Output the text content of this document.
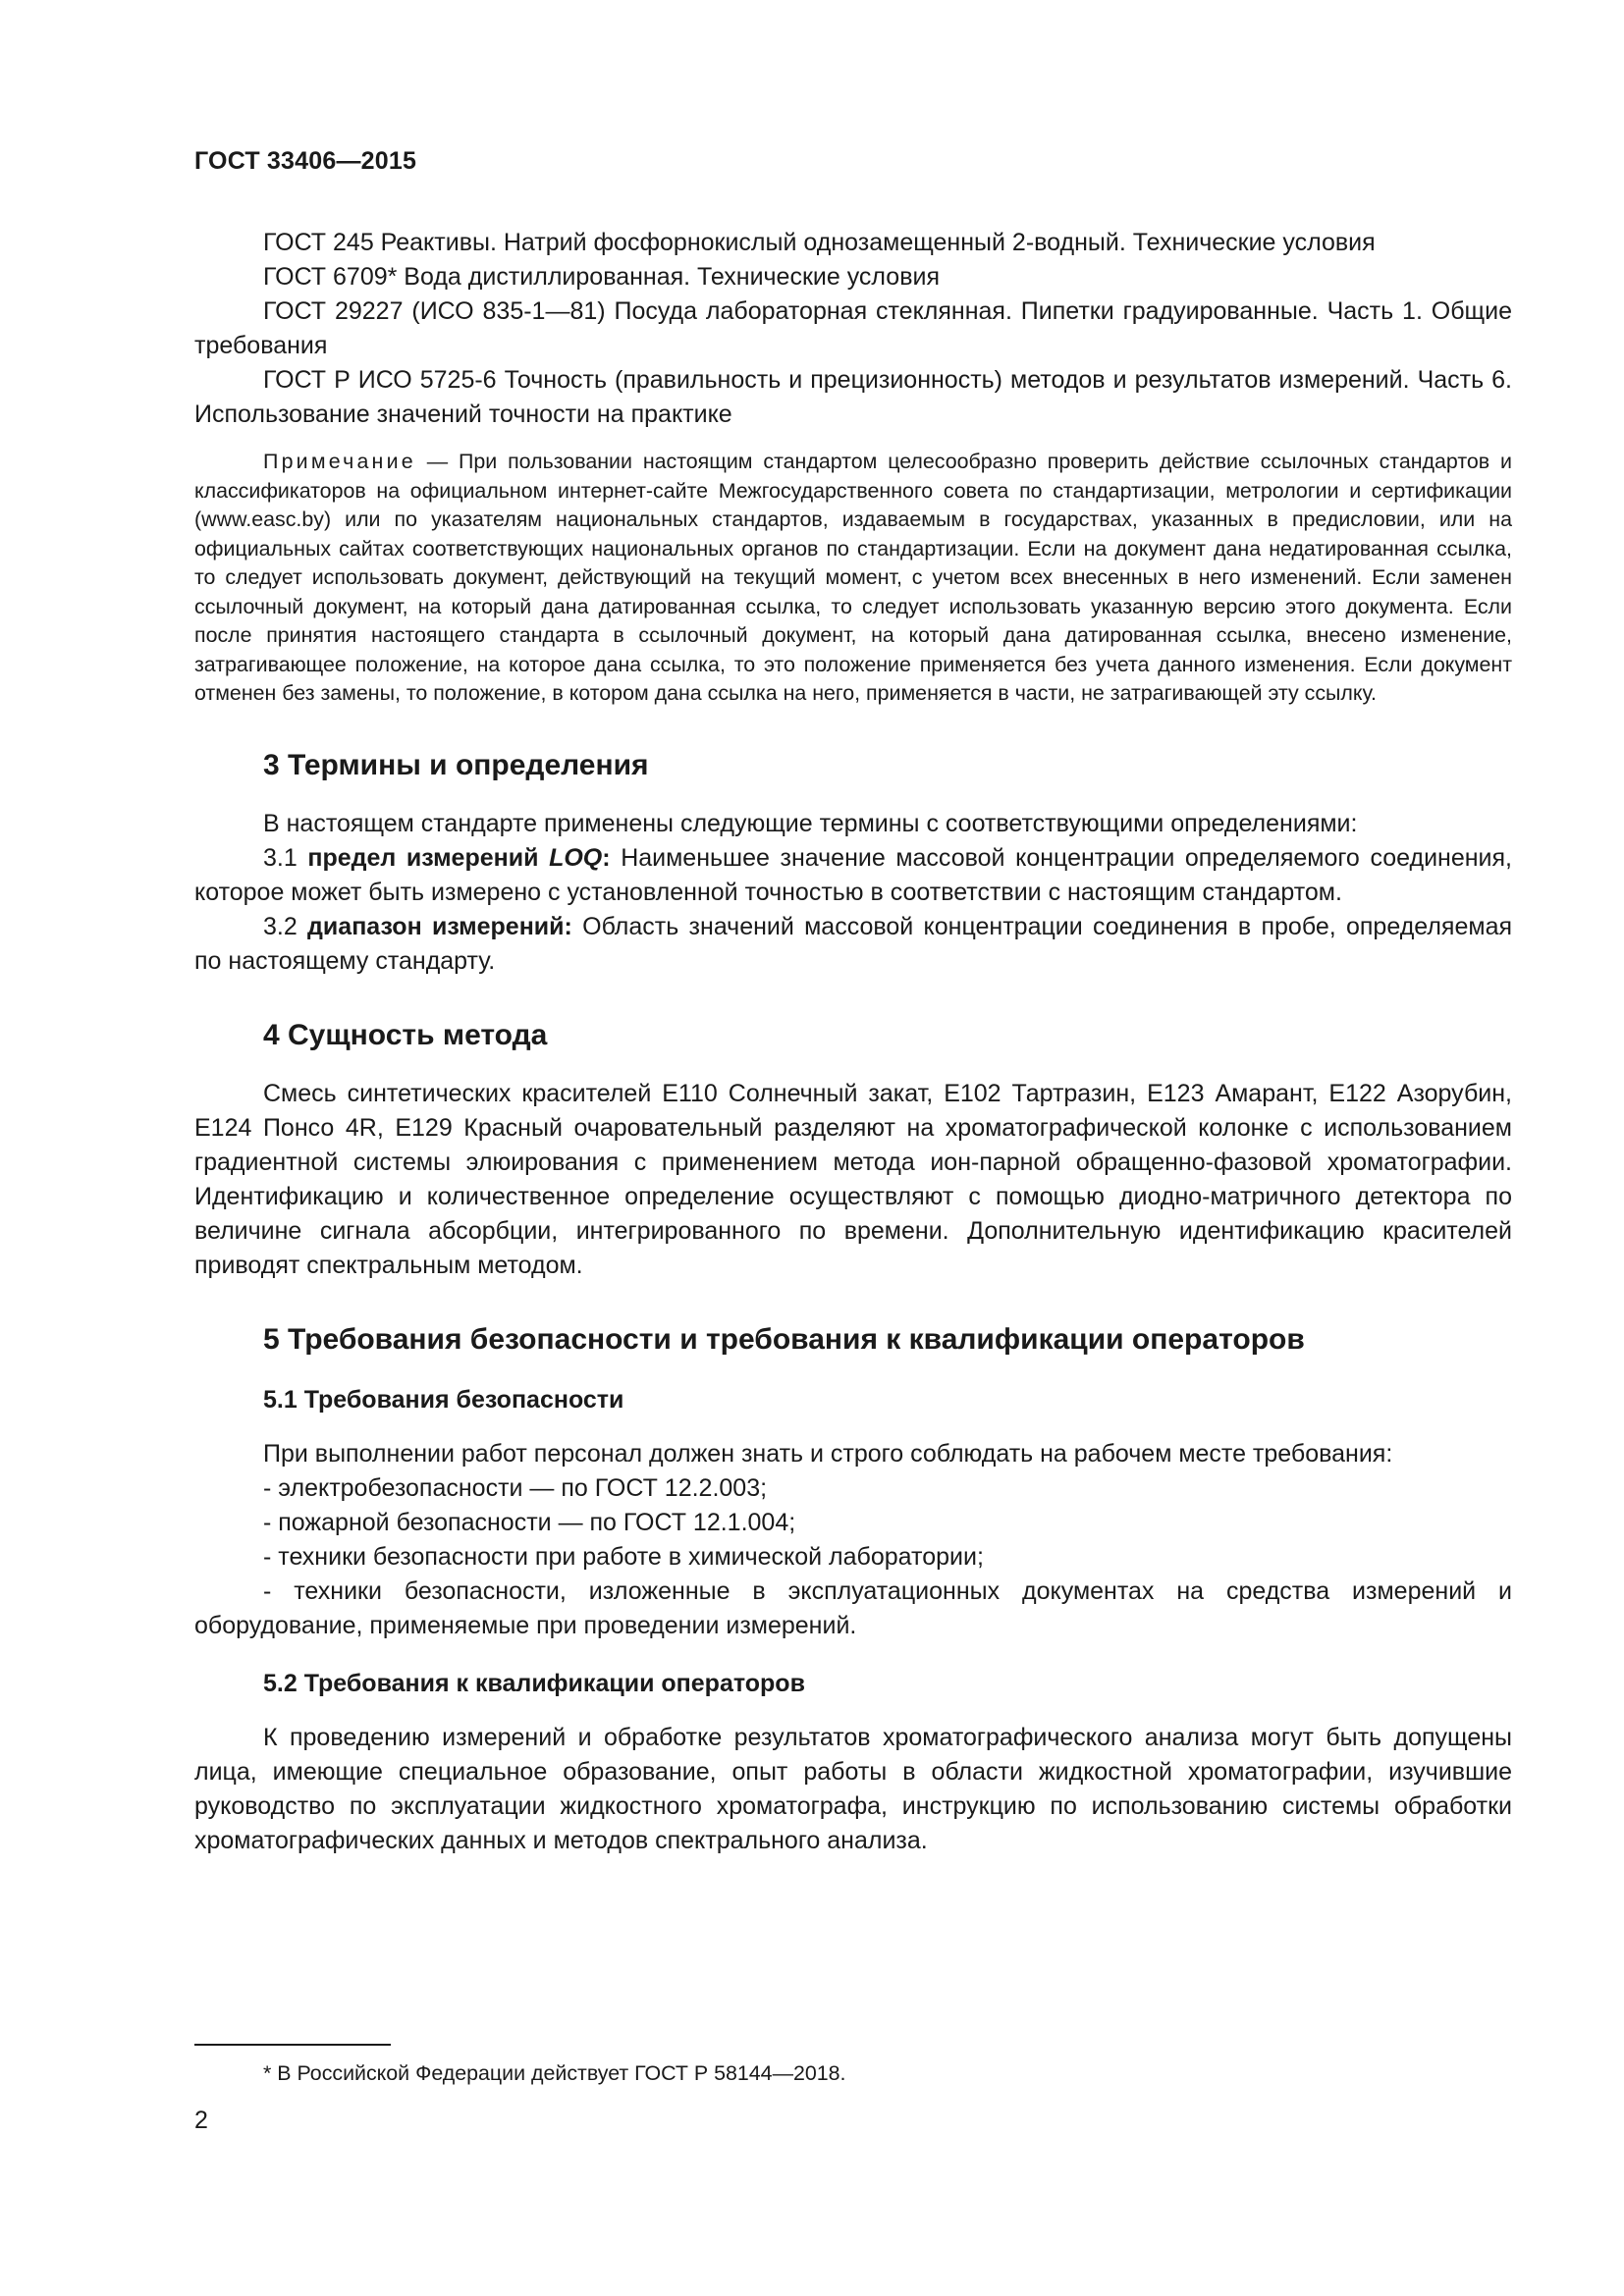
ГОСТ 33406—2015

ГОСТ 245 Реактивы. Натрий фосфорнокислый однозамещенный 2-водный. Технические условия

ГОСТ 6709* Вода дистиллированная. Технические условия

ГОСТ 29227 (ИСО 835-1—81) Посуда лабораторная стеклянная. Пипетки градуированные. Часть 1. Общие требования

ГОСТ Р ИСО 5725-6 Точность (правильность и прецизионность) методов и результатов измерений. Часть 6. Использование значений точности на практике

Примечание — При пользовании настоящим стандартом целесообразно проверить действие ссылочных стандартов и классификаторов на официальном интернет-сайте Межгосударственного совета по стандартизации, метрологии и сертификации (www.easc.by) или по указателям национальных стандартов, издаваемым в государствах, указанных в предисловии, или на официальных сайтах соответствующих национальных органов по стандартизации. Если на документ дана недатированная ссылка, то следует использовать документ, действующий на текущий момент, с учетом всех внесенных в него изменений. Если заменен ссылочный документ, на который дана датированная ссылка, то следует использовать указанную версию этого документа. Если после принятия настоящего стандарта в ссылочный документ, на который дана датированная ссылка, внесено изменение, затрагивающее положение, на которое дана ссылка, то это положение применяется без учета данного изменения. Если документ отменен без замены, то положение, в котором дана ссылка на него, применяется в части, не затрагивающей эту ссылку.

3 Термины и определения

В настоящем стандарте применены следующие термины с соответствующими определениями:

3.1 предел измерений LOQ: Наименьшее значение массовой концентрации определяемого соединения, которое может быть измерено с установленной точностью в соответствии с настоящим стандартом.

3.2 диапазон измерений: Область значений массовой концентрации соединения в пробе, определяемая по настоящему стандарту.

4 Сущность метода

Смесь синтетических красителей Е110 Солнечный закат, Е102 Тартразин, Е123 Амарант, Е122 Азорубин, Е124 Понсо 4R, Е129 Красный очаровательный разделяют на хроматографической колонке с использованием градиентной системы элюирования с применением метода ион-парной обращенно-фазовой хроматографии. Идентификацию и количественное определение осуществляют с помощью диодно-матричного детектора по величине сигнала абсорбции, интегрированного по времени. Дополнительную идентификацию красителей приводят спектральным методом.

5 Требования безопасности и требования к квалификации операторов
5.1 Требования безопасности

При выполнении работ персонал должен знать и строго соблюдать на рабочем месте требования:

- электробезопасности — по ГОСТ 12.2.003;

- пожарной безопасности — по ГОСТ 12.1.004;

- техники безопасности при работе в химической лаборатории;

- техники безопасности, изложенные в эксплуатационных документах на средства измерений и оборудование, применяемые при проведении измерений.

5.2 Требования к квалификации операторов

К проведению измерений и обработке результатов хроматографического анализа могут быть допущены лица, имеющие специальное образование, опыт работы в области жидкостной хроматографии, изучившие руководство по эксплуатации жидкостного хроматографа, инструкцию по использованию системы обработки хроматографических данных и методов спектрального анализа.

* В Российской Федерации действует ГОСТ Р 58144—2018.
2
